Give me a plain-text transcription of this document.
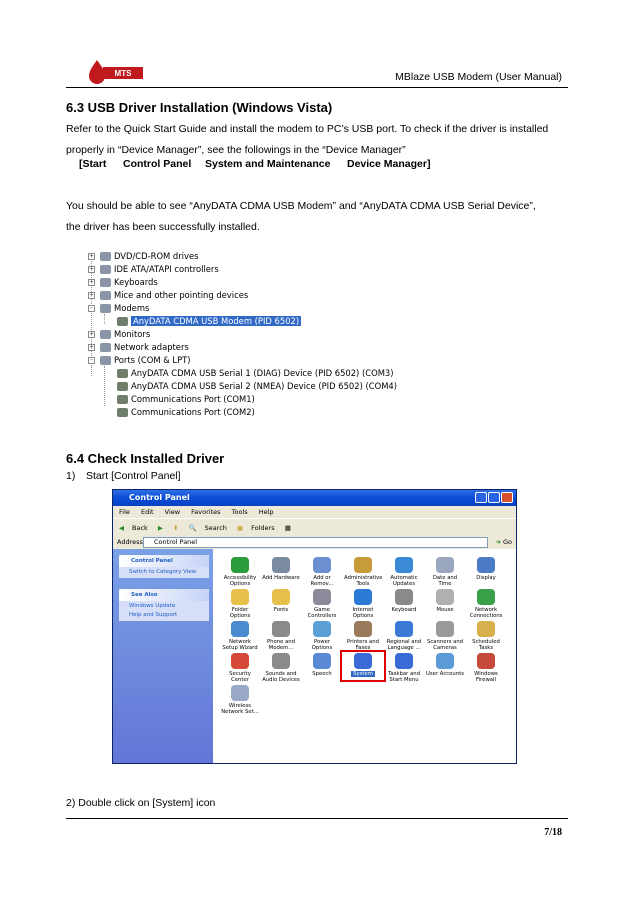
MTS	MBlaze USB Modem (User Manual)
6.3 USB Driver Installation (Windows Vista)
Refer to the Quick Start Guide and install the modem to PC’s USB port. To check if the driver is installed
properly in “Device Manager”, see the followings in the “Device Manager”
[Start Control Panel System and Maintenance Device Manager]
You should be able to see “AnyDATA CDMA USB Modem” and “AnyDATA CDMA USB Serial Device”,
the driver has been successfully installed.
+ DVD/CD-ROM drives
+ IDE ATA/ATAPI controllers
+ Keyboards
+ Mice and other pointing devices
-	Modems
AnyDATA CDMA USB Modem (PID 6502)
+ Monitors
+ Network adapters
-	Ports (COM & LPT)
AnyDATA CDMA USB Serial 1 (DIAG) Device (PID 6502) (COM3)
AnyDATA CDMA USB Serial 2 (NMEA) Device (PID 6502) (COM4)
Communications Port (COM1)
Communications Port (COM2)
6.4 Check Installed Driver
1) Start [Control Panel]
Control Panel
File Edit View Favorites Tools Help
◀ Back ▶ ⬆ 🔍 Search ▣ Folders ▦
Address	Control Panel	➔ Go
Control Panel
Switch to Category View
See Also
Windows Update
Help and Support
Accessibility Options
Add Hardware	Add or Remov...
Administrative Tools
Automatic Updates
Date and Time
Display
Folder Options
Fonts	Game Controllers
Internet Options
Keyboard	Mouse	Network Connections
Network Setup Wizard
Phone and Modem...
Power Options
Printers and Faxes
Regional and Language ...
Scanners and Cameras
Scheduled Tasks
Security Center
Sounds and Audio Devices
Speech	System	Taskbar and Start Menu
User Accounts	Windows Firewall
Wireless Network Set...
2) Double click on [System] icon
7/18
